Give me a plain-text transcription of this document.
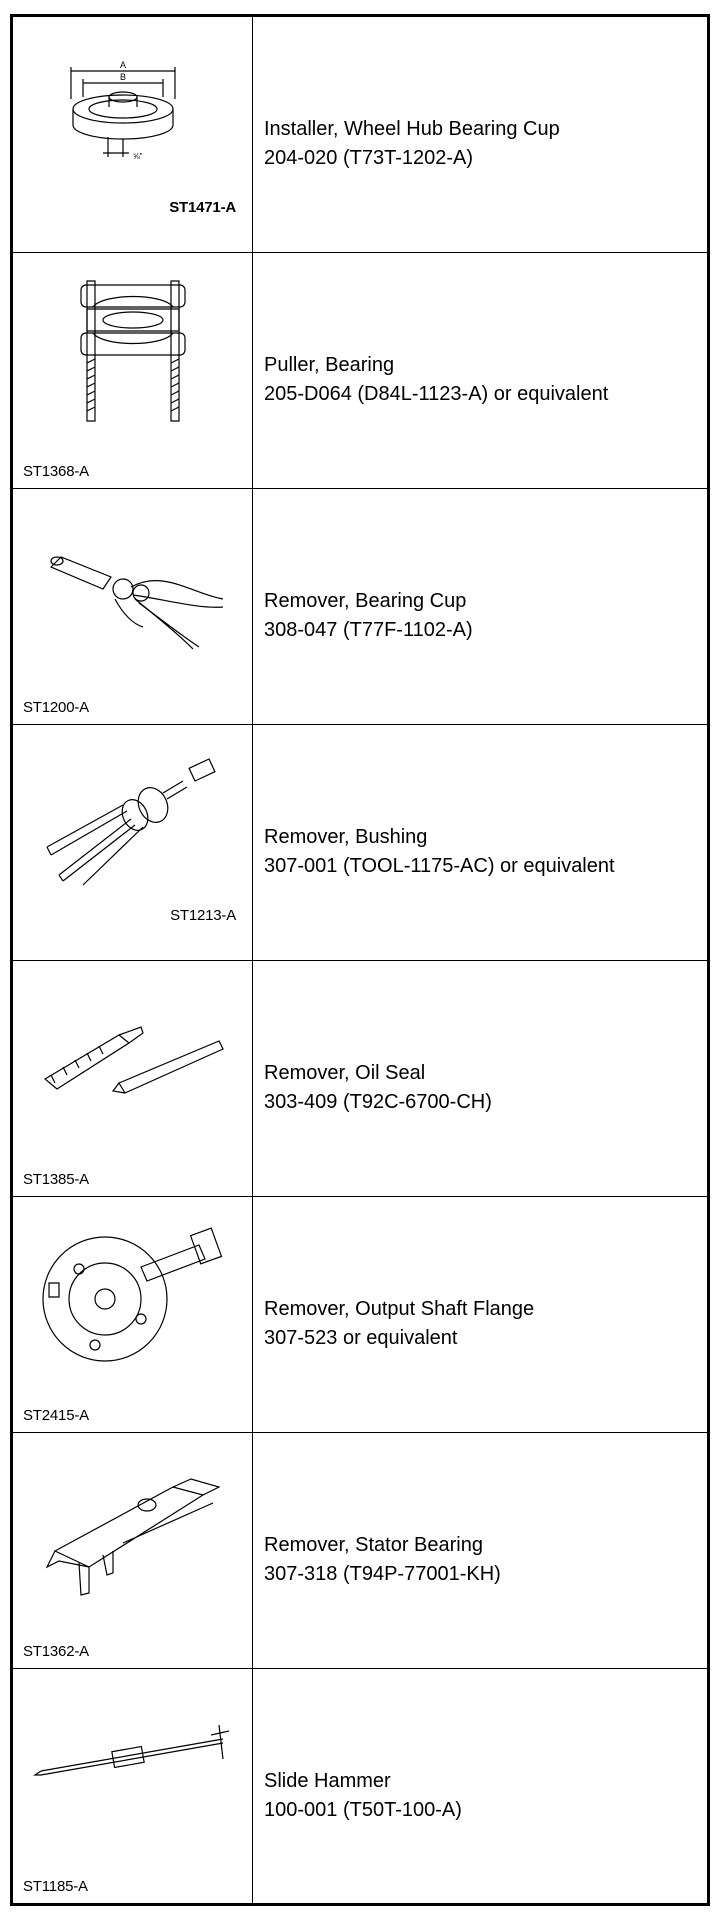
A
B
⅝"
ST1471-A
Installer, Wheel Hub Bearing Cup
204-020 (T73T-1202-A)
ST1368-A
Puller, Bearing
205-D064 (D84L-1123-A) or equivalent
ST1200-A
Remover, Bearing Cup
308-047 (T77F-1102-A)
ST1213-A
Remover, Bushing
307-001 (TOOL-1175-AC) or equivalent
ST1385-A
Remover, Oil Seal
303-409 (T92C-6700-CH)
ST2415-A
Remover, Output Shaft Flange
307-523 or equivalent
ST1362-A
Remover, Stator Bearing
307-318 (T94P-77001-KH)
ST1185-A
Slide Hammer
100-001 (T50T-100-A)
